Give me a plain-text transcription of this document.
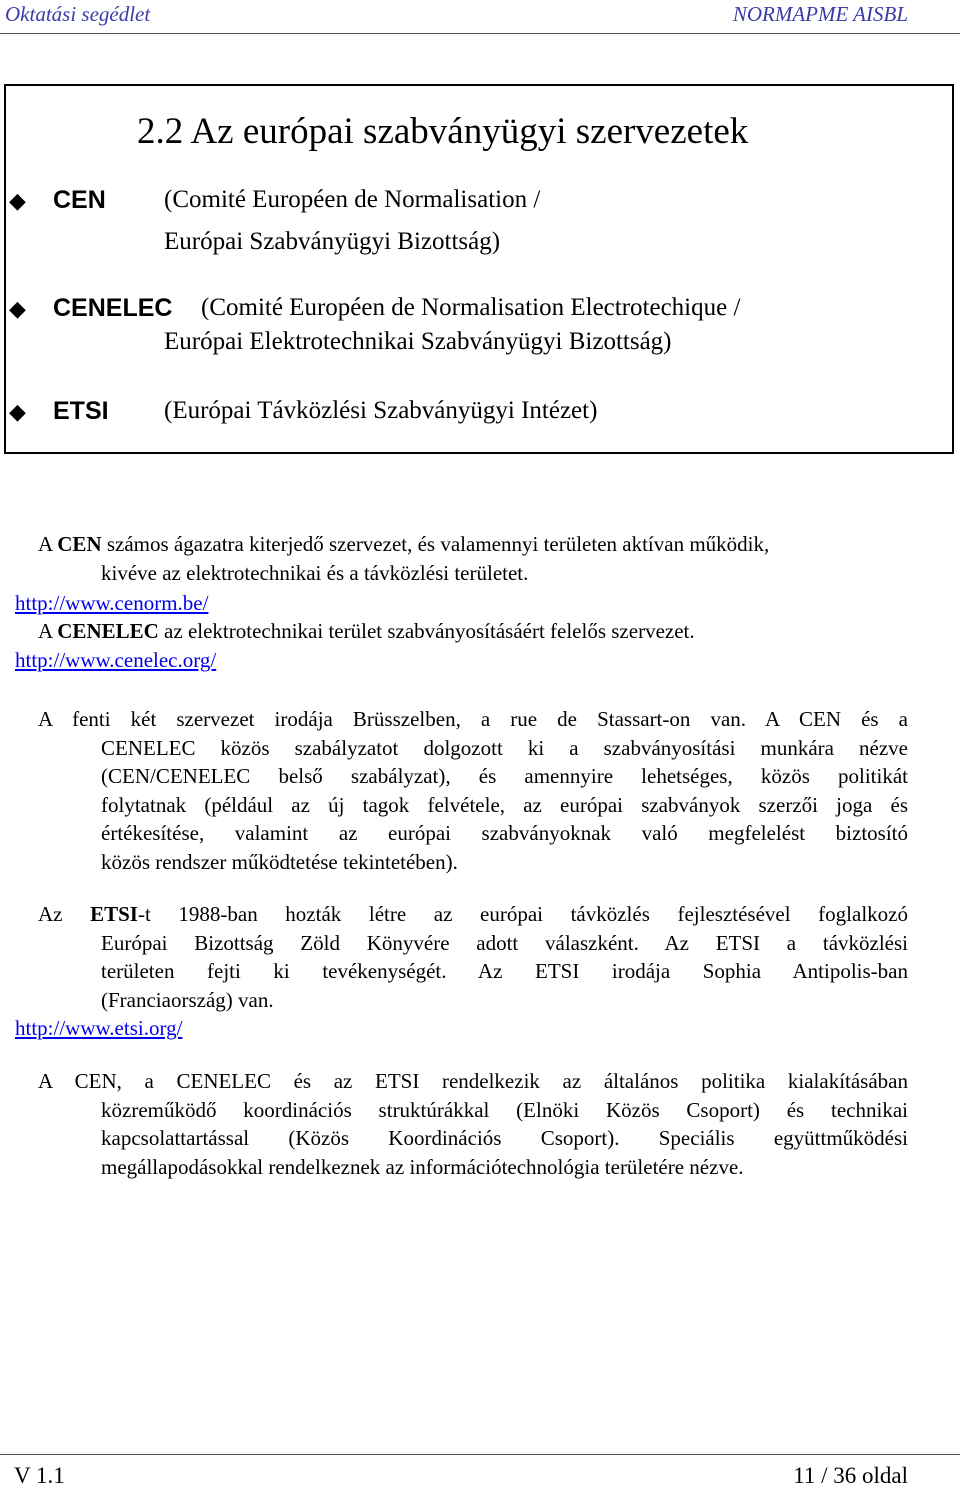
Oktatási segédlet	NORMAPME AISBL
2.2 Az európai szabványügyi szervezetek
◆ CEN (Comité Européen de Normalisation /
Európai Szabványügyi Bizottság)
◆ CENELEC (Comité Européen de Normalisation Electrotechique /
Európai Elektrotechnikai Szabványügyi Bizottság)
◆ ETSI (Európai Távközlési Szabványügyi Intézet)
A CEN számos ágazatra kiterjedő szervezet, és valamennyi területen aktívan működik,
kivéve az elektrotechnikai és a távközlési területet.
http://www.cenorm.be/
A CENELEC az elektrotechnikai terület szabványosításáért felelős szervezet.
http://www.cenelec.org/
A fenti két szervezet irodája Brüsszelben, a rue de Stassart-on van. A CEN és a
CENELEC közös szabályzatot dolgozott ki a szabványosítási munkára nézve
(CEN/CENELEC belső szabályzat), és amennyire lehetséges, közös politikát
folytatnak (például az új tagok felvétele, az európai szabványok szerzői joga és
értékesítése, valamint az európai szabványoknak való megfelelést biztosító
közös rendszer működtetése tekintetében).
Az ETSI-t 1988-ban hozták létre az európai távközlés fejlesztésével foglalkozó
Európai Bizottság Zöld Könyvére adott válaszként. Az ETSI a távközlési
területen fejti ki tevékenységét. Az ETSI irodája Sophia Antipolis-ban
(Franciaország) van.
http://www.etsi.org/
A CEN, a CENELEC és az ETSI rendelkezik az általános politika kialakításában
közreműködő koordinációs struktúrákkal (Elnöki Közös Csoport) és technikai
kapcsolattartással (Közös Koordinációs Csoport). Speciális együttműködési
megállapodásokkal rendelkeznek az információtechnológia területére nézve.
V 1.1	11 / 36 oldal
